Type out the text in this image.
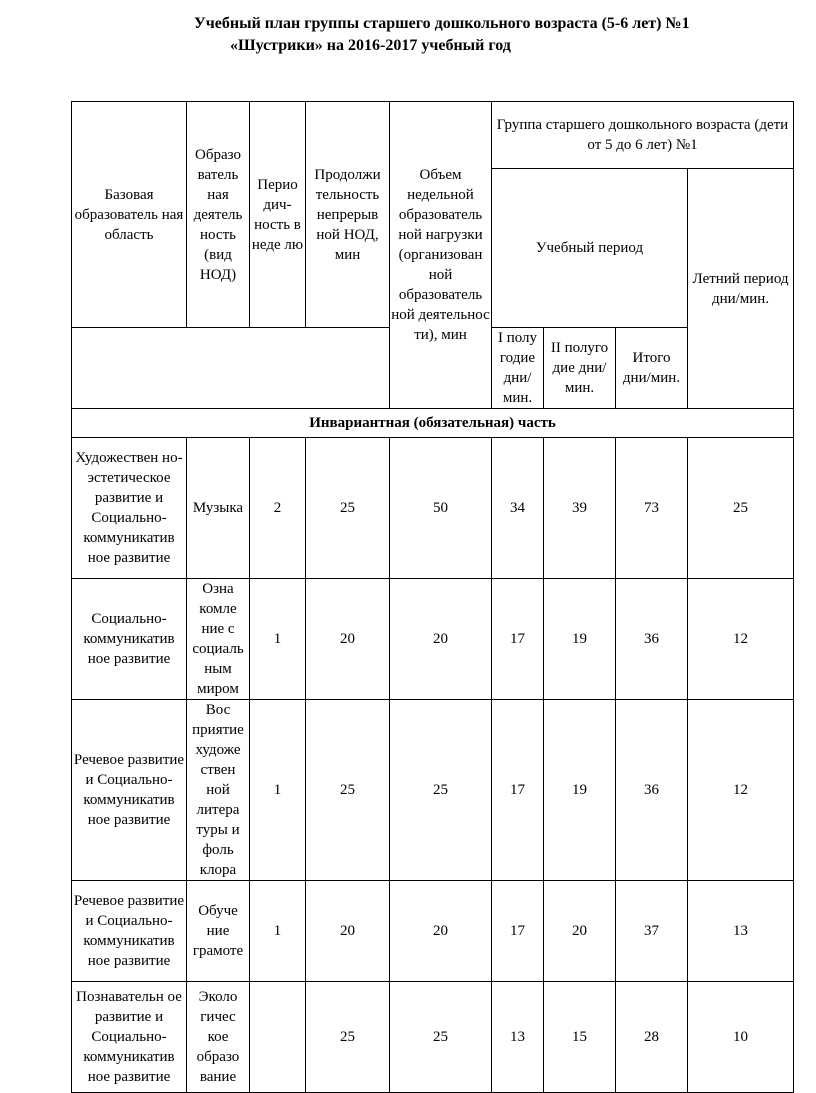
Учебный план группы старшего дошкольного возраста (5-6 лет) №1
«Шустрики» на 2016-2017 учебный год
Базовая образователь ная область	Образо ватель ная деятель ность (вид НОД)	Перио дич- ность в неде лю	Продолжи тельность непрерыв ной НОД, мин	Объем недельной образователь ной нагрузки (организован ной образователь ной деятельнос ти), мин	Группа старшего дошкольного возраста (дети от 5 до 6 лет) №1			
					Учебный период			Летний период дни/мин.
					I полу годие дни/ мин.	II полуго дие дни/мин.	Итого дни/мин.	
Инвариантная (обязательная) часть								
Художествен но- эстетическое развитие и Социально- коммуникатив ное развитие	Музыка	2	25	50	34	39	73	25
Социально- коммуникатив ное развитие	Озна комле ние с социаль ным миром	1	20	20	17	19	36	12
Речевое развитие и Социально- коммуникатив ное развитие	Вос приятие художе ствен ной литера туры и фоль клора	1	25	25	17	19	36	12
Речевое развитие и Социально- коммуникатив ное развитие	Обуче ние грамоте	1	20	20	17	20	37	13
Познавательн ое развитие и Социально- коммуникатив ное развитие	Эколо гичес кое образо вание		25	25	13	15	28	10
